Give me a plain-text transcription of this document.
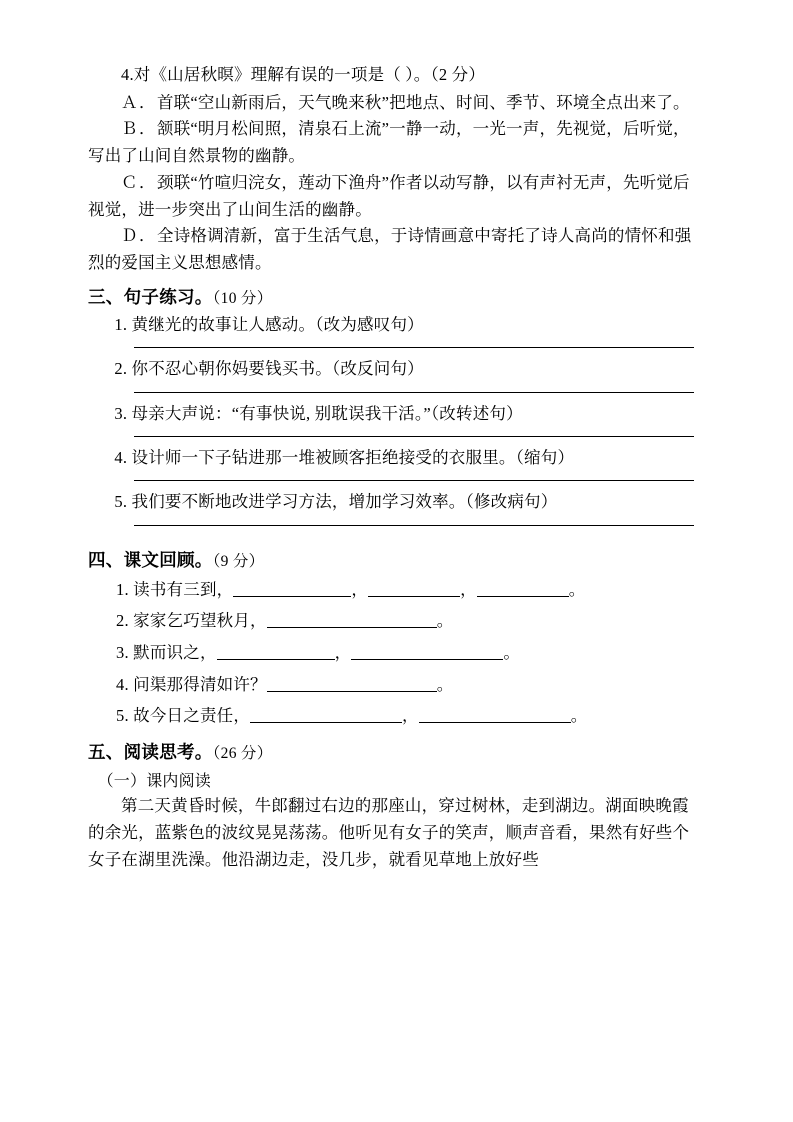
4.对《山居秋暝》理解有误的一项是（ ）。（2 分）

Ａ．首联“空山新雨后，天气晚来秋”把地点、时间、季节、环境全点出来了。

Ｂ．颔联“明月松间照，清泉石上流”一静一动，一光一声，先视觉，后听觉，写出了山间自然景物的幽静。

Ｃ．颈联“竹喧归浣女，莲动下渔舟”作者以动写静，以有声衬无声，先听觉后视觉，进一步突出了山间生活的幽静。

Ｄ．全诗格调清新，富于生活气息，于诗情画意中寄托了诗人高尚的情怀和强烈的爱国主义思想感情。

三、句子练习。（10 分）

1. 黄继光的故事让人感动。（改为感叹句）

2. 你不忍心朝你妈要钱买书。（改反问句）

3. 母亲大声说：“有事快说, 别耽误我干活。”（改转述句）

4. 设计师一下子钻进那一堆被顾客拒绝接受的衣服里。（缩句）

5. 我们要不断地改进学习方法，增加学习效率。（修改病句）

四、课文回顾。（9 分）

1. 读书有三到，	，	，	。

2. 家家乞巧望秋月，	。

3. 默而识之，	，	。

4. 问渠那得清如许？	。

5. 故今日之责任，	，	。

五、阅读思考。（26 分）

（一）课内阅读

第二天黄昏时候，牛郎翻过右边的那座山，穿过树林，走到湖边。湖面映晚霞的余光，蓝紫色的波纹晃晃荡荡。他听见有女子的笑声，顺声音看，果然有好些个女子在湖里洗澡。他沿湖边走，没几步，就看见草地上放好些
